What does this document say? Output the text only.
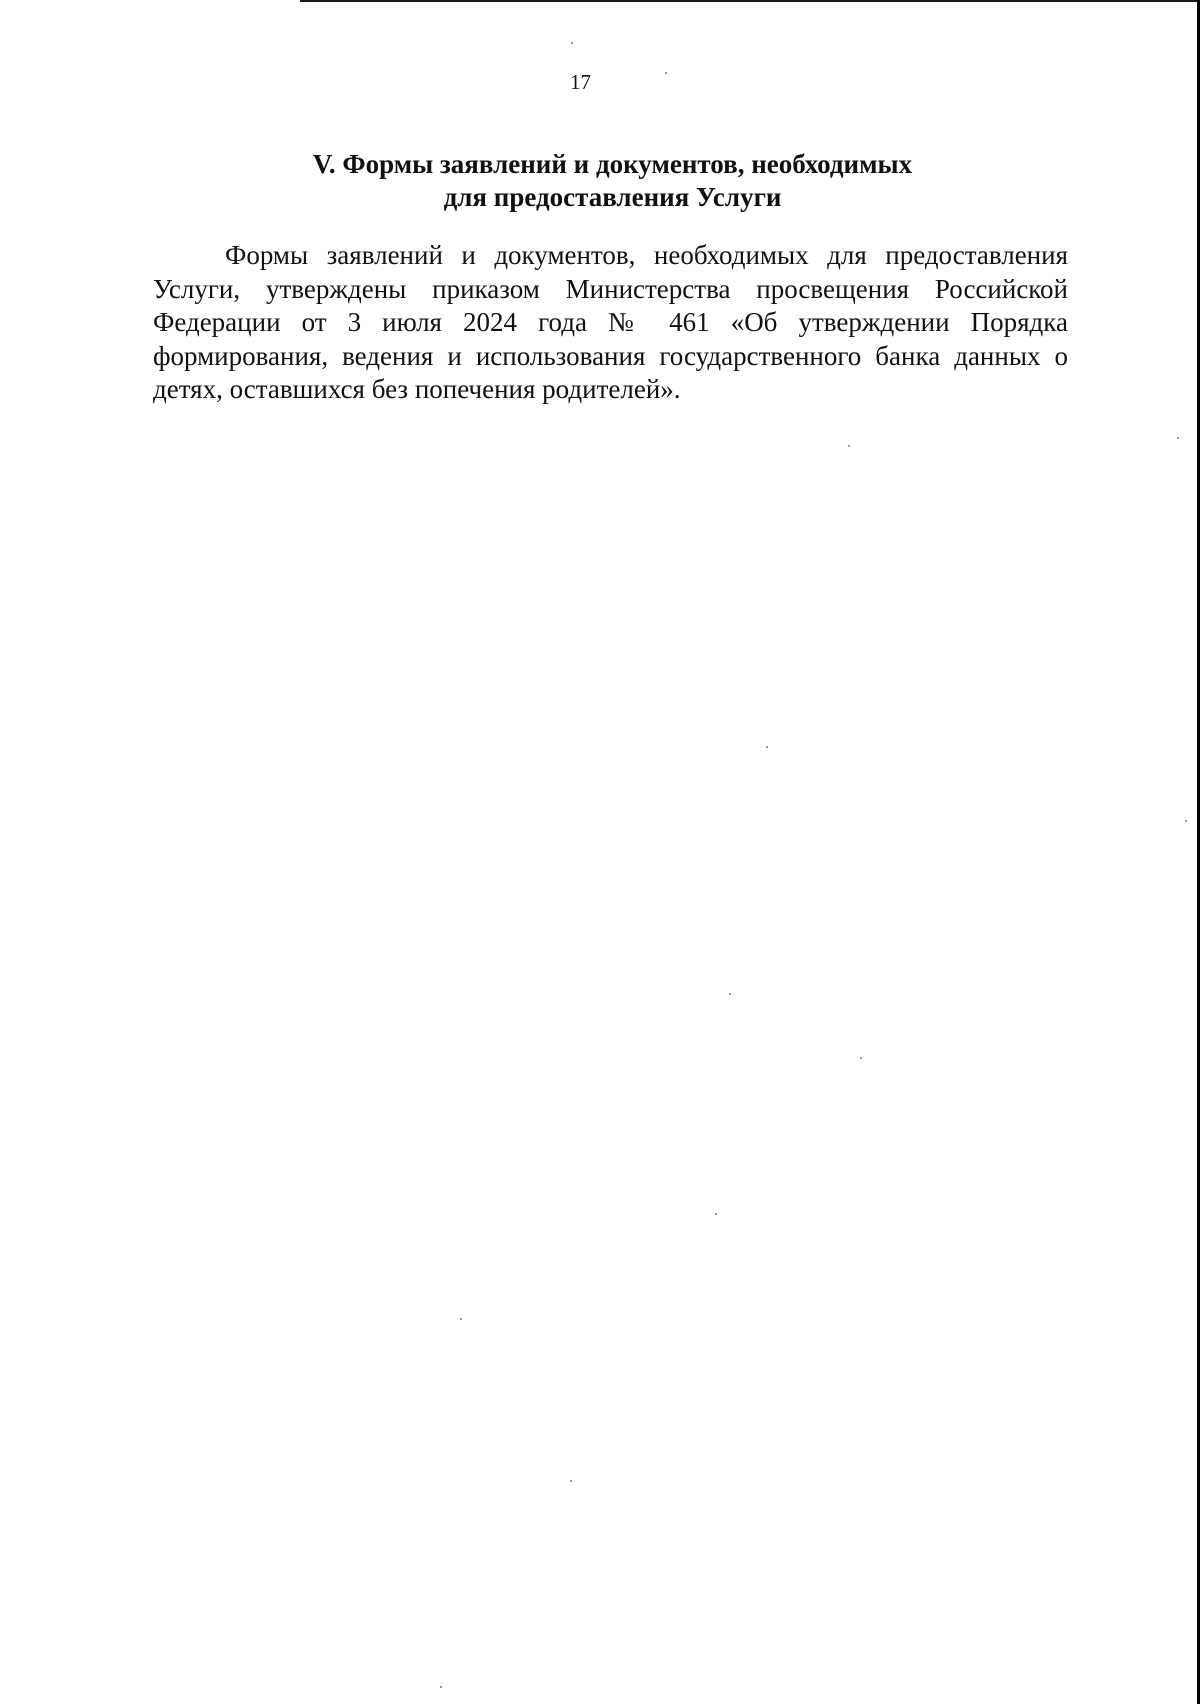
17
V. Формы заявлений и документов, необходимых
для предоставления Услуги

Формы заявлений и документов, необходимых для предоставления Услуги, утверждены приказом Министерства просвещения Российской Федерации от 3 июля 2024 года № 461 «Об утверждении Порядка формирования, ведения и использования государственного банка данных о детях, оставшихся без попечения родителей».
